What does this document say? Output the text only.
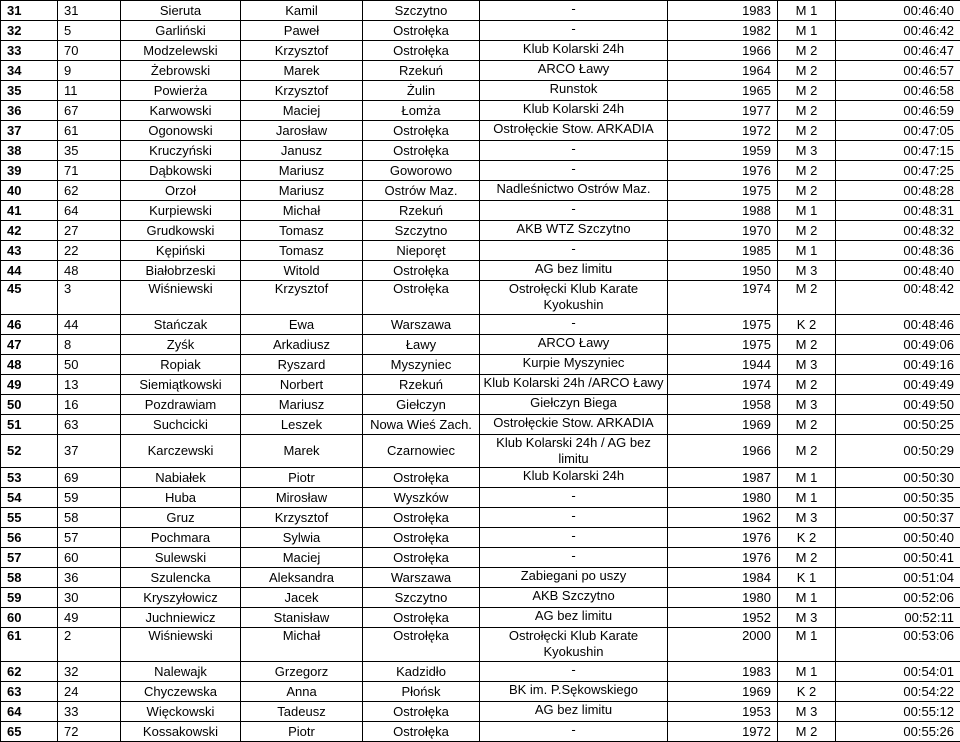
31	31	Sieruta	Kamil	Szczytno	-	1983	M 1	00:46:40
32	5	Garliński	Paweł	Ostrołęka	-	1982	M 1	00:46:42
33	70	Modzelewski	Krzysztof	Ostrołęka	Klub Kolarski 24h	1966	M 2	00:46:47
34	9	Żebrowski	Marek	Rzekuń	ARCO Ławy	1964	M 2	00:46:57
35	11	Powierża	Krzysztof	Żulin	Runstok	1965	M 2	00:46:58
36	67	Karwowski	Maciej	Łomża	Klub Kolarski 24h	1977	M 2	00:46:59
37	61	Ogonowski	Jarosław	Ostrołęka	Ostrołęckie Stow. ARKADIA	1972	M 2	00:47:05
38	35	Kruczyński	Janusz	Ostrołęka	-	1959	M 3	00:47:15
39	71	Dąbkowski	Mariusz	Goworowo	-	1976	M 2	00:47:25
40	62	Orzoł	Mariusz	Ostrów Maz.	Nadleśnictwo Ostrów Maz.	1975	M 2	00:48:28
41	64	Kurpiewski	Michał	Rzekuń	-	1988	M 1	00:48:31
42	27	Grudkowski	Tomasz	Szczytno	AKB WTZ Szczytno	1970	M 2	00:48:32
43	22	Kępiński	Tomasz	Nieporęt	-	1985	M 1	00:48:36
44	48	Białobrzeski	Witold	Ostrołęka	AG bez limitu	1950	M 3	00:48:40
45	3	Wiśniewski	Krzysztof	Ostrołęka	Ostrołęcki Klub Karate Kyokushin	1974	M 2	00:48:42
46	44	Stańczak	Ewa	Warszawa	-	1975	K 2	00:48:46
47	8	Zyśk	Arkadiusz	Ławy	ARCO Ławy	1975	M 2	00:49:06
48	50	Ropiak	Ryszard	Myszyniec	Kurpie Myszyniec	1944	M 3	00:49:16
49	13	Siemiątkowski	Norbert	Rzekuń	Klub Kolarski 24h /ARCO Ławy	1974	M 2	00:49:49
50	16	Pozdrawiam	Mariusz	Giełczyn	Giełczyn Biega	1958	M 3	00:49:50
51	63	Suchcicki	Leszek	Nowa Wieś Zach.	Ostrołęckie Stow. ARKADIA	1969	M 2	00:50:25
52	37	Karczewski	Marek	Czarnowiec	Klub Kolarski 24h / AG bez limitu	1966	M 2	00:50:29
53	69	Nabiałek	Piotr	Ostrołęka	Klub Kolarski 24h	1987	M 1	00:50:30
54	59	Huba	Mirosław	Wyszków	-	1980	M 1	00:50:35
55	58	Gruz	Krzysztof	Ostrołęka	-	1962	M 3	00:50:37
56	57	Pochmara	Sylwia	Ostrołęka	-	1976	K 2	00:50:40
57	60	Sulewski	Maciej	Ostrołęka	-	1976	M 2	00:50:41
58	36	Szulencka	Aleksandra	Warszawa	Zabiegani po uszy	1984	K 1	00:51:04
59	30	Kryszyłowicz	Jacek	Szczytno	AKB Szczytno	1980	M 1	00:52:06
60	49	Juchniewicz	Stanisław	Ostrołęka	AG bez limitu	1952	M 3	00:52:11
61	2	Wiśniewski	Michał	Ostrołęka	Ostrołęcki Klub Karate Kyokushin	2000	M 1	00:53:06
62	32	Nalewajk	Grzegorz	Kadzidło	-	1983	M 1	00:54:01
63	24	Chyczewska	Anna	Płońsk	BK im. P.Sękowskiego	1969	K 2	00:54:22
64	33	Więckowski	Tadeusz	Ostrołęka	AG bez limitu	1953	M 3	00:55:12
65	72	Kossakowski	Piotr	Ostrołęka	-	1972	M 2	00:55:26
